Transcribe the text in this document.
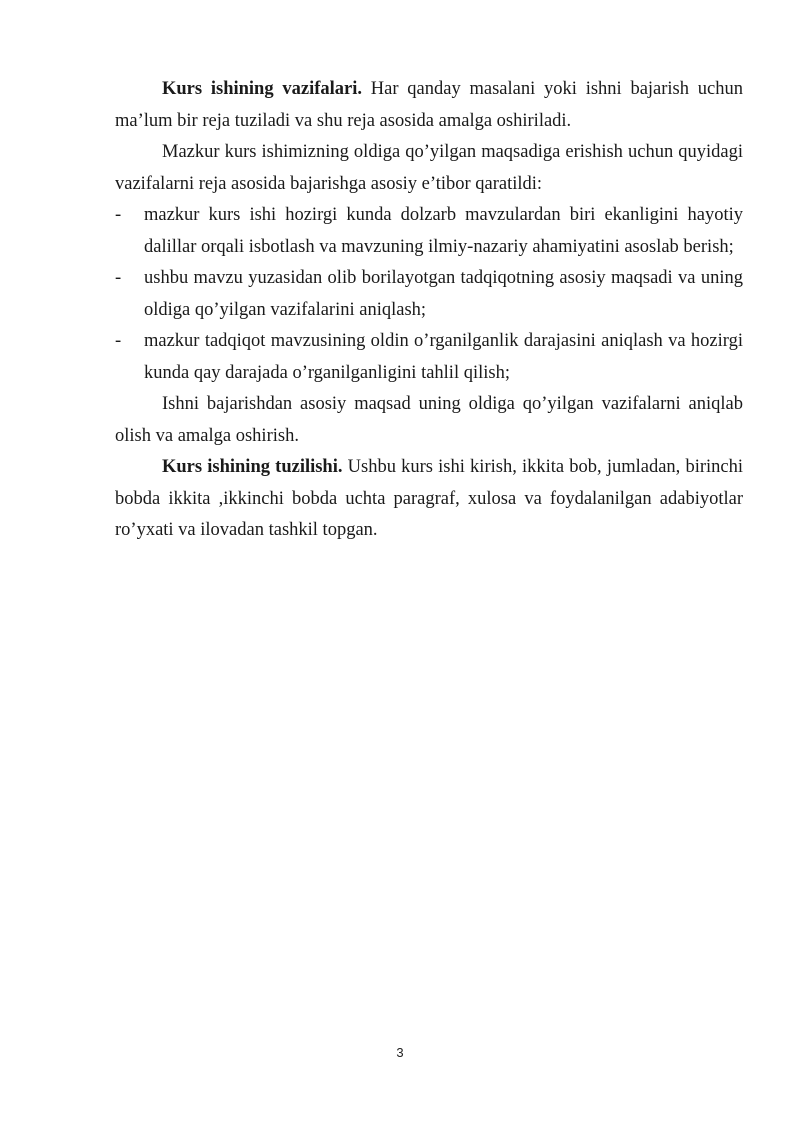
Kurs ishining vazifalari. Har qanday masalani yoki ishni bajarish uchun ma’lum bir reja tuziladi va shu reja asosida amalga oshiriladi.

Mazkur kurs ishimizning oldiga qo’yilgan maqsadiga erishish uchun quyidagi vazifalarni reja asosida bajarishga asosiy e’tibor qaratildi:

- mazkur kurs ishi hozirgi kunda dolzarb mavzulardan biri ekanligini hayotiy dalillar orqali isbotlash va mavzuning ilmiy-nazariy ahamiyatini asoslab berish;
- ushbu mavzu yuzasidan olib borilayotgan tadqiqotning asosiy maqsadi va uning oldiga qo’yilgan vazifalarini aniqlash;
- mazkur tadqiqot mavzusining oldin o’rganilganlik darajasini aniqlash va hozirgi kunda qay darajada o’rganilganligini tahlil qilish;

Ishni bajarishdan asosiy maqsad uning oldiga qo’yilgan vazifalarni aniqlab olish va amalga oshirish.

Kurs ishining tuzilishi. Ushbu kurs ishi kirish, ikkita bob, jumladan, birinchi bobda ikkita ,ikkinchi bobda uchta paragraf, xulosa va foydalanilgan adabiyotlar ro’yxati va ilovadan tashkil topgan.

3
